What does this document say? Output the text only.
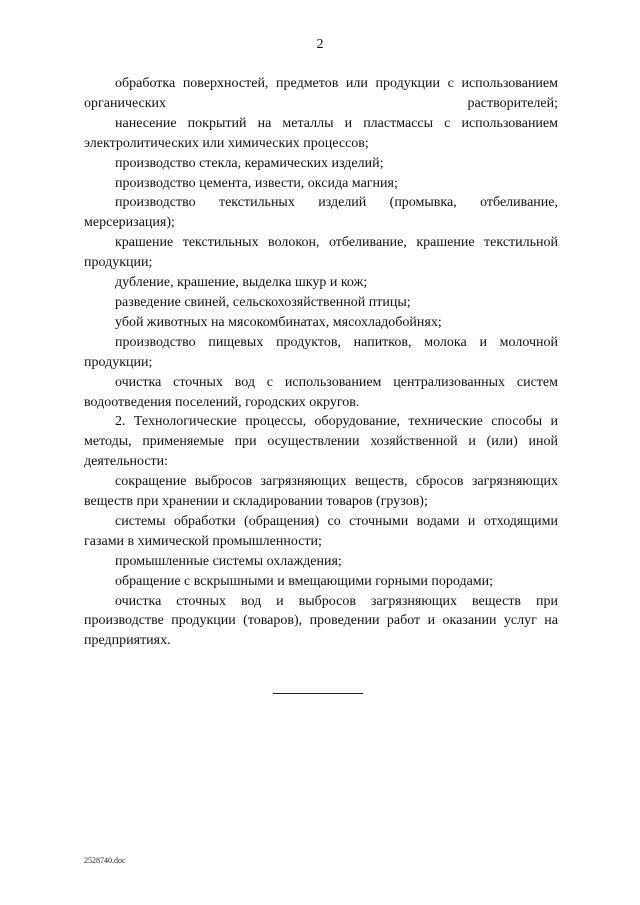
2

обработка поверхностей, предметов или продукции с использованием органических растворителей;

нанесение покрытий на металлы и пластмассы с использованием электролитических или химических процессов;

производство стекла, керамических изделий;

производство цемента, извести, оксида магния;

производство текстильных изделий (промывка, отбеливание, мерсеризация);

крашение текстильных волокон, отбеливание, крашение текстильной продукции;

дубление, крашение, выделка шкур и кож;

разведение свиней, сельскохозяйственной птицы;

убой животных на мясокомбинатах, мясохладобойнях;

производство пищевых продуктов, напитков, молока и молочной продукции;

очистка сточных вод с использованием централизованных систем водоотведения поселений, городских округов.

2. Технологические процессы, оборудование, технические способы и методы, применяемые при осуществлении хозяйственной и (или) иной деятельности:

сокращение выбросов загрязняющих веществ, сбросов загрязняющих веществ при хранении и складировании товаров (грузов);

системы обработки (обращения) со сточными водами и отходящими газами в химической промышленности;

промышленные системы охлаждения;

обращение с вскрышными и вмещающими горными породами;

очистка сточных вод и выбросов загрязняющих веществ при производстве продукции (товаров), проведении работ и оказании услуг на предприятиях.

2528740.doc
